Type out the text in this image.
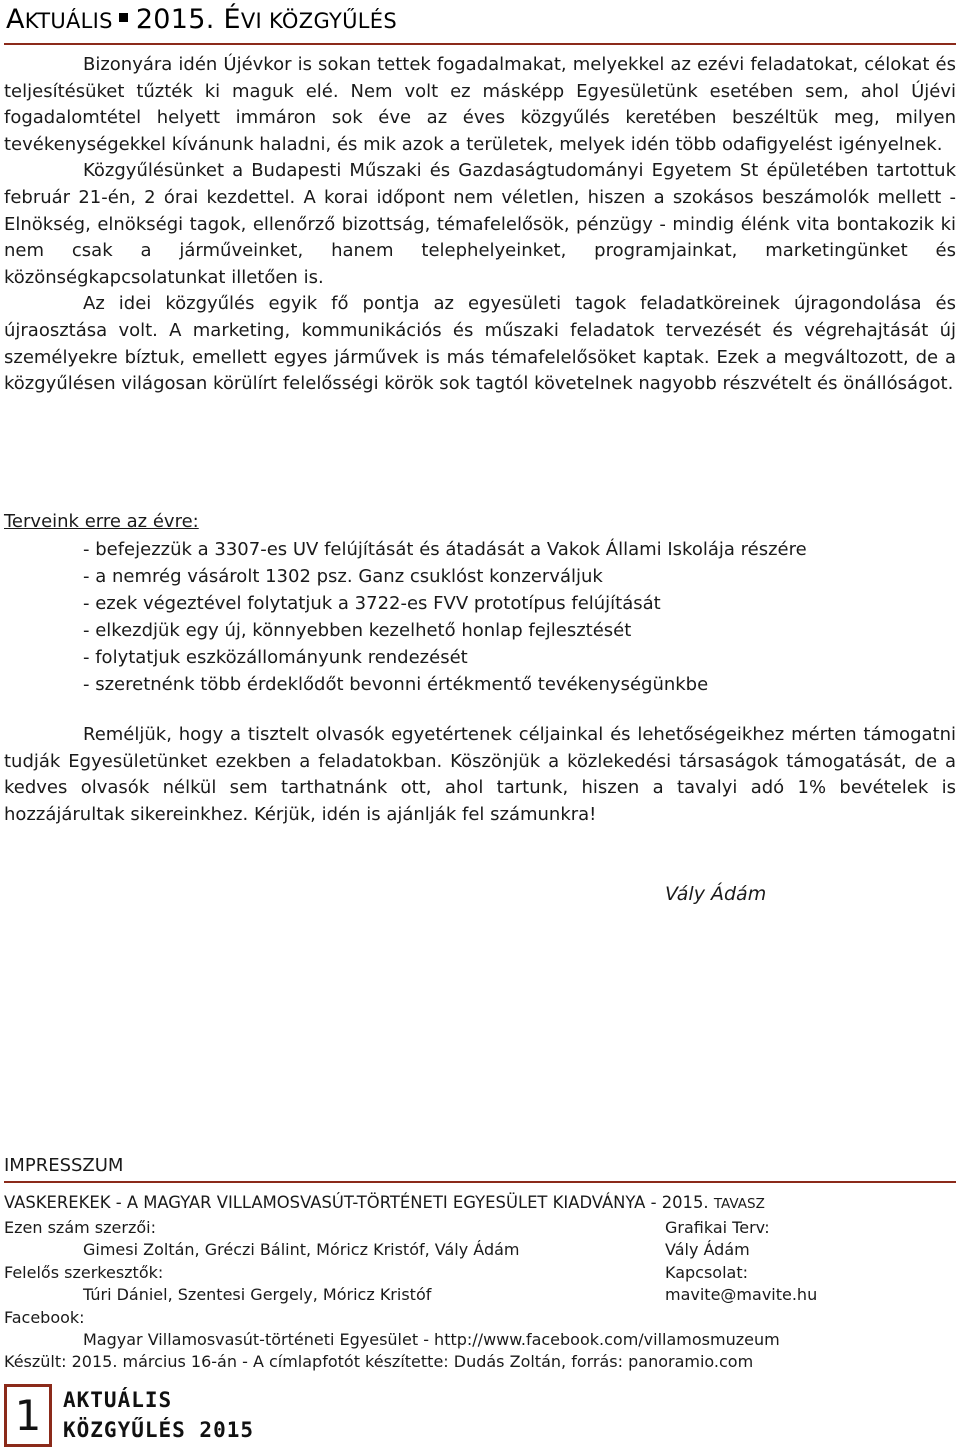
AKTUÁLIS 2015. ÉVI KÖZGYŰLÉS

Bizonyára idén Újévkor is sokan tettek fogadalmakat, melyekkel az ezévi feladatokat, célokat és teljesítésüket tűzték ki maguk elé. Nem volt ez másképp Egyesületünk esetében sem, ahol Újévi fogadalomtétel helyett immáron sok éve az éves közgyűlés keretében beszéltük meg, milyen tevékenységekkel kívánunk haladni, és mik azok a területek, melyek idén több odafigyelést igényelnek.

Közgyűlésünket a Budapesti Műszaki és Gazdaságtudományi Egyetem St épületében tartottuk február 21-én, 2 órai kezdettel. A korai időpont nem véletlen, hiszen a szokásos beszámolók mellett - Elnökség, elnökségi tagok, ellenőrző bizottság, témafelelősök, pénzügy - mindig élénk vita bontakozik ki nem csak a járműveinket, hanem telephelyeinket, programjainkat, marketingünket és közönségkapcsolatunkat illetően is.

Az idei közgyűlés egyik fő pontja az egyesületi tagok feladatköreinek újragondolása és újraosztása volt. A marketing, kommunikációs és műszaki feladatok tervezését és végrehajtását új személyekre bíztuk, emellett egyes járművek is más témafelelősöket kaptak. Ezek a megváltozott, de a közgyűlésen világosan körülírt felelősségi körök sok tagtól követelnek nagyobb részvételt és önállóságot.

Terveink erre az évre:
- befejezzük a 3307-es UV felújítását és átadását a Vakok Állami Iskolája részére
- a nemrég vásárolt 1302 psz. Ganz csuklóst konzerváljuk
- ezek végeztével folytatjuk a 3722-es FVV prototípus felújítását
- elkezdjük egy új, könnyebben kezelhető honlap fejlesztését
- folytatjuk eszközállományunk rendezését
- szeretnénk több érdeklődőt bevonni értékmentő tevékenységünkbe

Reméljük, hogy a tisztelt olvasók egyetértenek céljainkal és lehetőségeikhez mérten támogatni tudják Egyesületünket ezekben a feladatokban. Köszönjük a közlekedési társaságok támogatását, de a kedves olvasók nélkül sem tarthatnánk ott, ahol tartunk, hiszen a tavalyi adó 1% bevételek is hozzájárultak sikereinkhez. Kérjük, idén is ajánlják fel számunkra!

Vály Ádám
IMPRESSZUM
VASKEREKEK - A MAGYAR VILLAMOSVASÚT-TÖRTÉNETI EGYESÜLET KIADVÁNYA - 2015. TAVASZ
Ezen szám szerzői:
Gimesi Zoltán, Gréczi Bálint, Móricz Kristóf, Vály Ádám
Felelős szerkesztők:
Túri Dániel, Szentesi Gergely, Móricz Kristóf
Grafikai Terv:
Vály Ádám
Kapcsolat:
mavite@mavite.hu
Facebook:
Magyar Villamosvasút-történeti Egyesület - http://www.facebook.com/villamosmuzeum
Készült: 2015. március 16-án - A címlapfotót készítette: Dudás Zoltán, forrás: panoramio.com
1 AKTUÁLIS
KÖZGYŰLÉS 2015
